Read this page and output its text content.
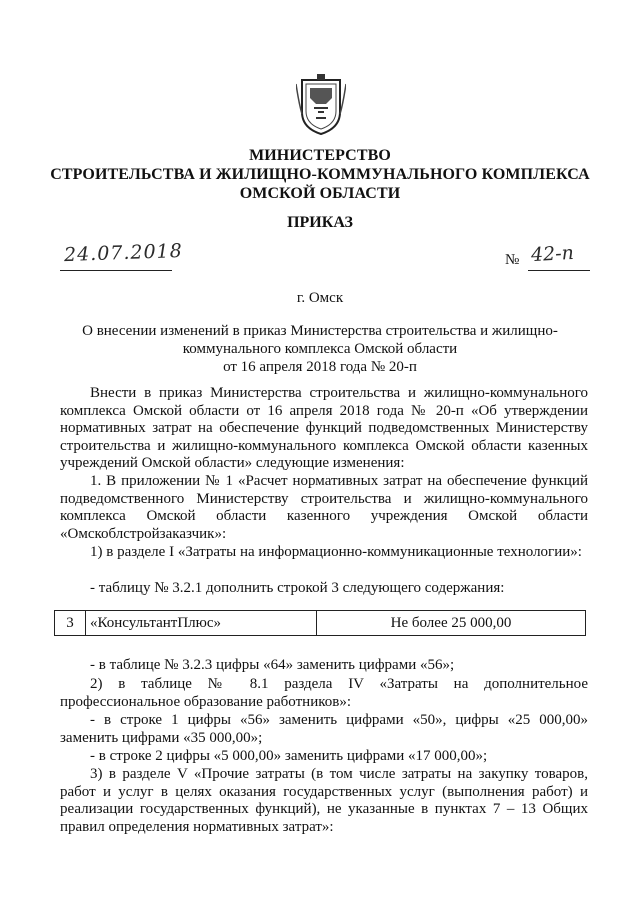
МИНИСТЕРСТВО
СТРОИТЕЛЬСТВА И ЖИЛИЩНО-КОММУНАЛЬНОГО КОМПЛЕКСА
ОМСКОЙ ОБЛАСТИ
ПРИКАЗ
24.07.2018	№ 42-п
г. Омск
О внесении изменений в приказ Министерства строительства и жилищно-
коммунального комплекса Омской области
от 16 апреля 2018 года № 20-п
Внести в приказ Министерства строительства и жилищно-коммунального комплекса Омской области от 16 апреля 2018 года № 20-п «Об утверждении нормативных затрат на обеспечение функций подведомственных Министерству строительства и жилищно-коммунального комплекса Омской области казенных учреждений Омской области» следующие изменения:
1. В приложении № 1 «Расчет нормативных затрат на обеспечение функций подведомственного Министерству строительства и жилищно-коммунального комплекса Омской области казенного учреждения Омской области «Омскоблстройзаказчик»:
1) в разделе I «Затраты на информационно-коммуникационные технологии»:
- таблицу № 3.2.1 дополнить строкой 3 следующего содержания:
3	«КонсультантПлюс»	Не более 25 000,00
- в таблице № 3.2.3 цифры «64» заменить цифрами «56»;
2) в таблице № 8.1 раздела IV «Затраты на дополнительное профессиональное образование работников»:
- в строке 1 цифры «56» заменить цифрами «50», цифры «25 000,00» заменить цифрами «35 000,00»;
- в строке 2 цифры «5 000,00» заменить цифрами «17 000,00»;
3) в разделе V «Прочие затраты (в том числе затраты на закупку товаров, работ и услуг в целях оказания государственных услуг (выполнения работ) и реализации государственных функций), не указанные в пунктах 7 – 13 Общих правил определения нормативных затрат»:
